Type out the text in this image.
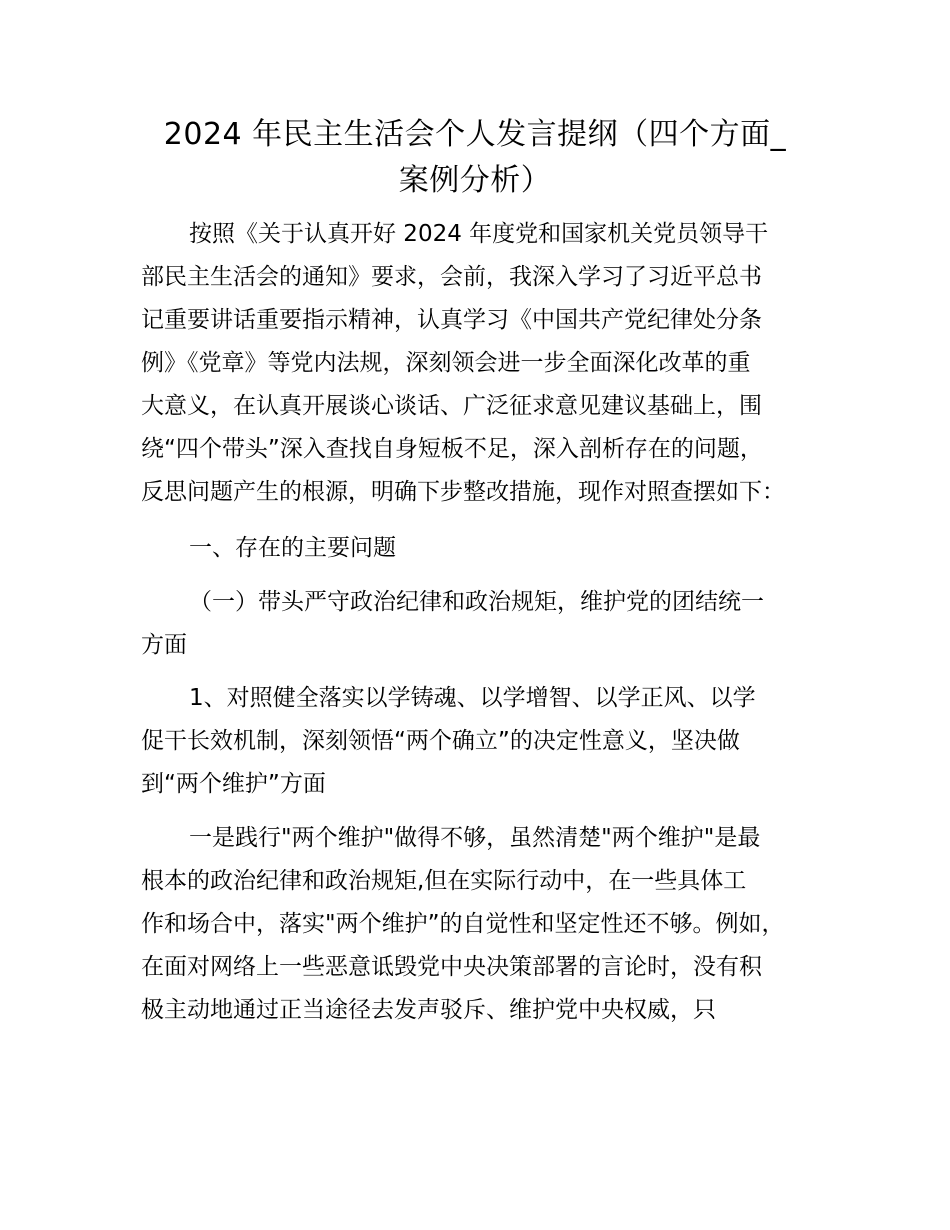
2024 年民主生活会个人发言提纲（四个方面_
案例分析）
按照《关于认真开好 2024 年度党和国家机关党员领导干
部民主生活会的通知》要求，会前，我深入学习了习近平总书
记重要讲话重要指示精神，认真学习《中国共产党纪律处分条
例》《党章》等党内法规，深刻领会进一步全面深化改革的重
大意义，在认真开展谈心谈话、广泛征求意见建议基础上，围
绕“四个带头”深入查找自身短板不足，深入剖析存在的问题，
反思问题产生的根源，明确下步整改措施，现作对照查摆如下：
一、存在的主要问题
（一）带头严守政治纪律和政治规矩，维护党的团结统一
方面
1、对照健全落实以学铸魂、以学增智、以学正风、以学
促干长效机制，深刻领悟“两个确立”的决定性意义，坚决做
到“两个维护”方面
一是践行"两个维护"做得不够，虽然清楚"两个维护"是最
根本的政治纪律和政治规矩,但在实际行动中，在一些具体工
作和场合中，落实"两个维护”的自觉性和坚定性还不够。例如，
在面对网络上一些恶意诋毁党中央决策部署的言论时，没有积
极主动地通过正当途径去发声驳斥、维护党中央权威，只
